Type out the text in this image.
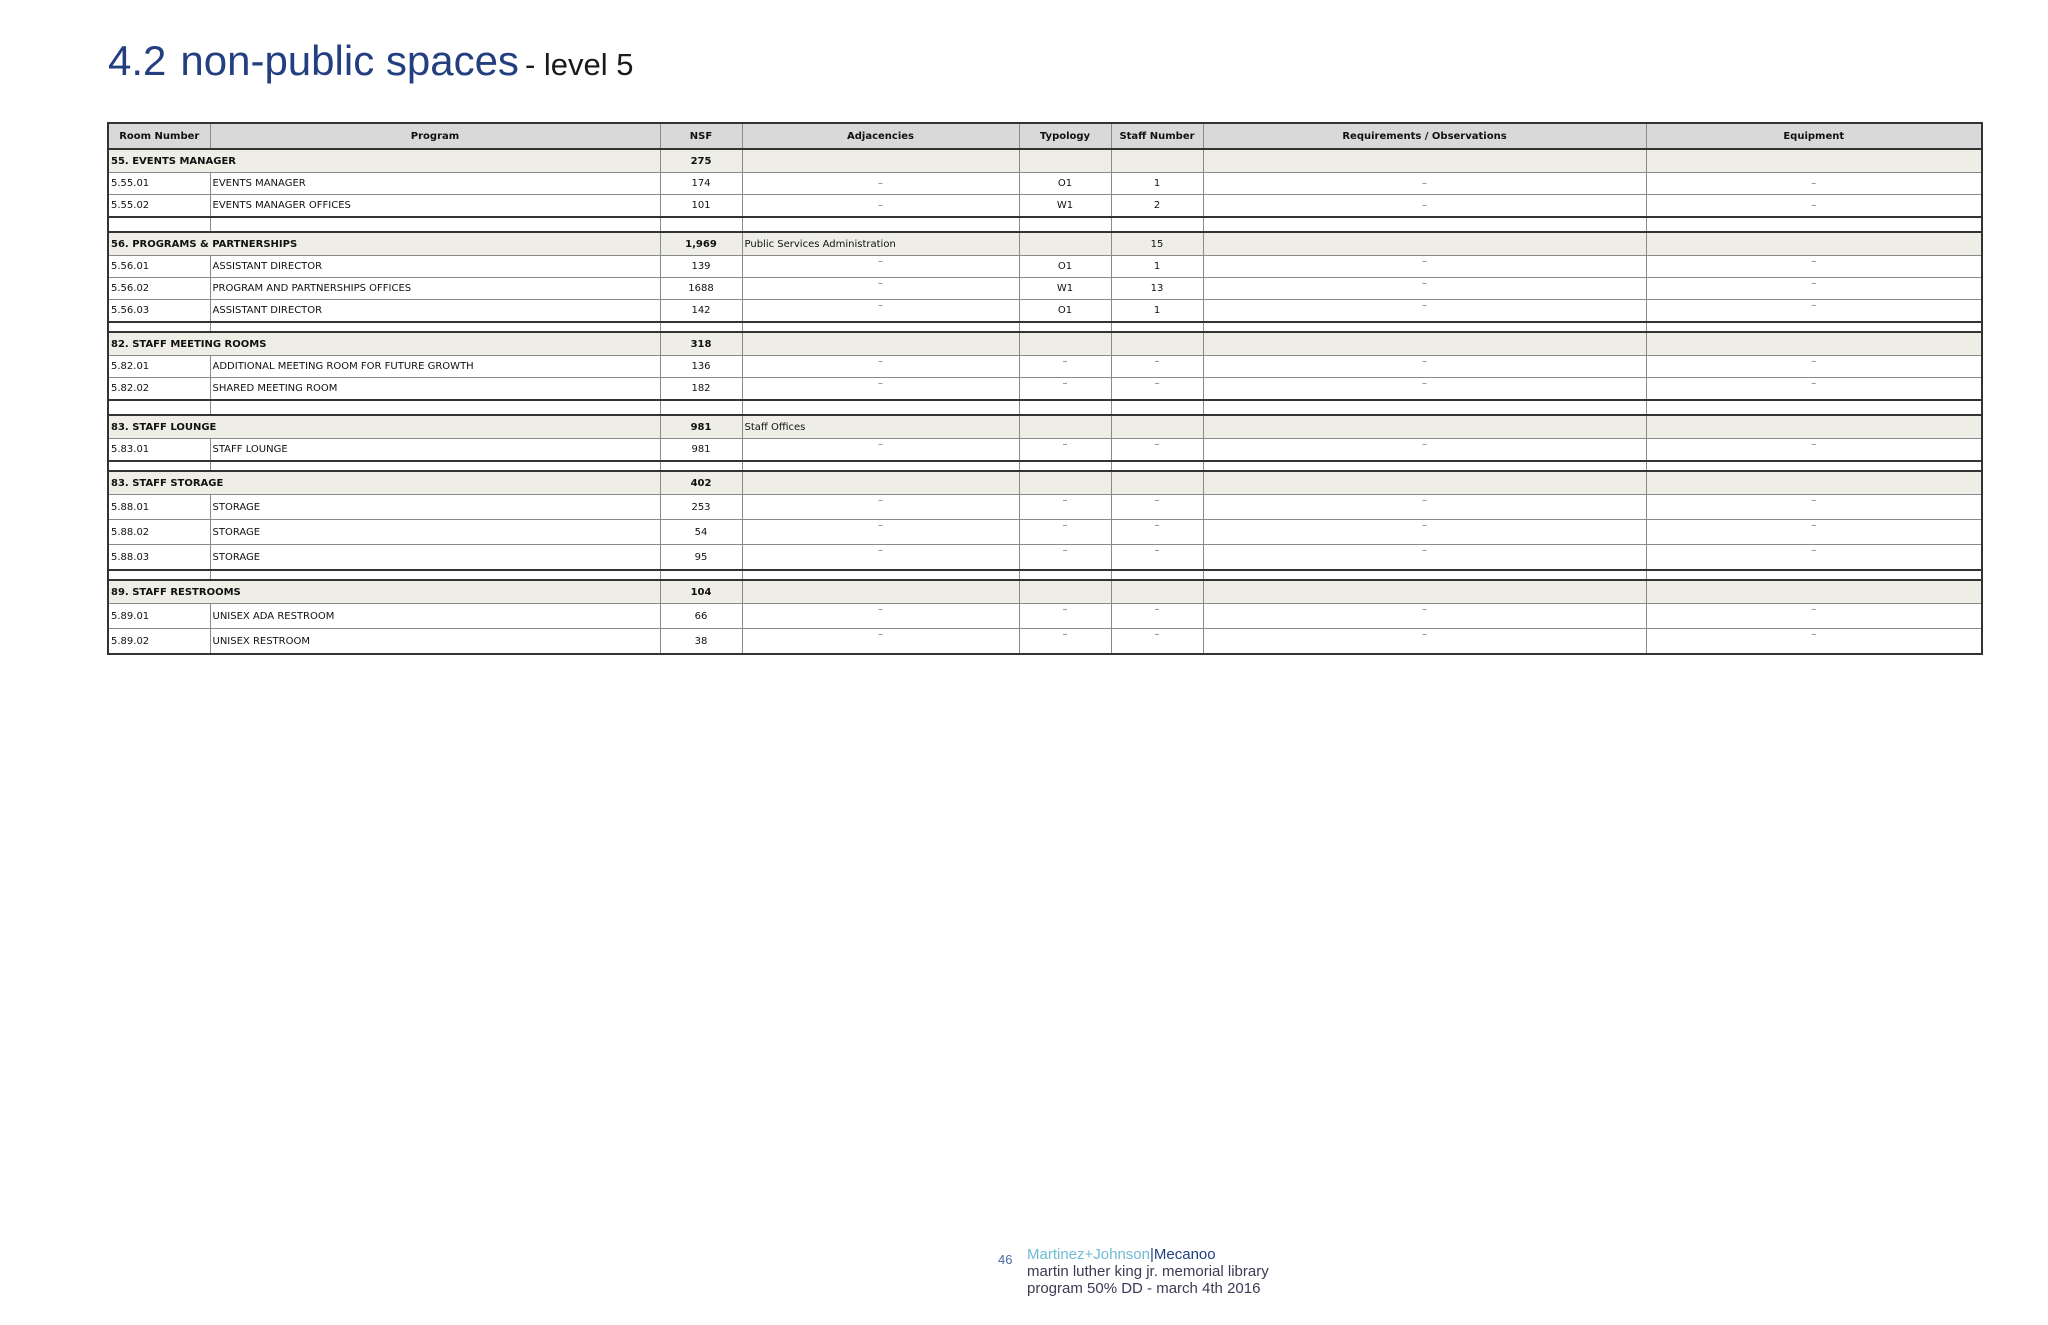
4.2 non-public spaces - level 5
Room Number	Program	NSF	Adjacencies	Typology	Staff Number	Requirements / Observations	Equipment
55. EVENTS MANAGER		275					
5.55.01	EVENTS MANAGER	174	–	O1	1	–	–
5.55.02	EVENTS MANAGER OFFICES	101	–	W1	2	–	–

56. PROGRAMS & PARTNERSHIPS		1,969	Public Services Administration		15		
5.56.01	ASSISTANT DIRECTOR	139	–	O1	1	–	–
5.56.02	PROGRAM AND PARTNERSHIPS OFFICES	1688	–	W1	13	–	–
5.56.03	ASSISTANT DIRECTOR	142	–	O1	1	–	–

82. STAFF MEETING ROOMS		318					
5.82.01	ADDITIONAL MEETING ROOM FOR FUTURE GROWTH	136	–	–	–	–	–
5.82.02	SHARED MEETING ROOM	182	–	–	–	–	–

83. STAFF LOUNGE		981	Staff Offices				
5.83.01	STAFF LOUNGE	981	–	–	–	–	–

83. STAFF STORAGE		402					
5.88.01	STORAGE	253	–	–	–	–	–
5.88.02	STORAGE	54	–	–	–	–	–
5.88.03	STORAGE	95	–	–	–	–	–

89. STAFF RESTROOMS		104					
5.89.01	UNISEX ADA RESTROOM	66	–	–	–	–	–
5.89.02	UNISEX RESTROOM	38	–	–	–	–	–
46 Martinez+Johnson|Mecanoo
martin luther king jr. memorial library
program 50% DD - march 4th 2016
